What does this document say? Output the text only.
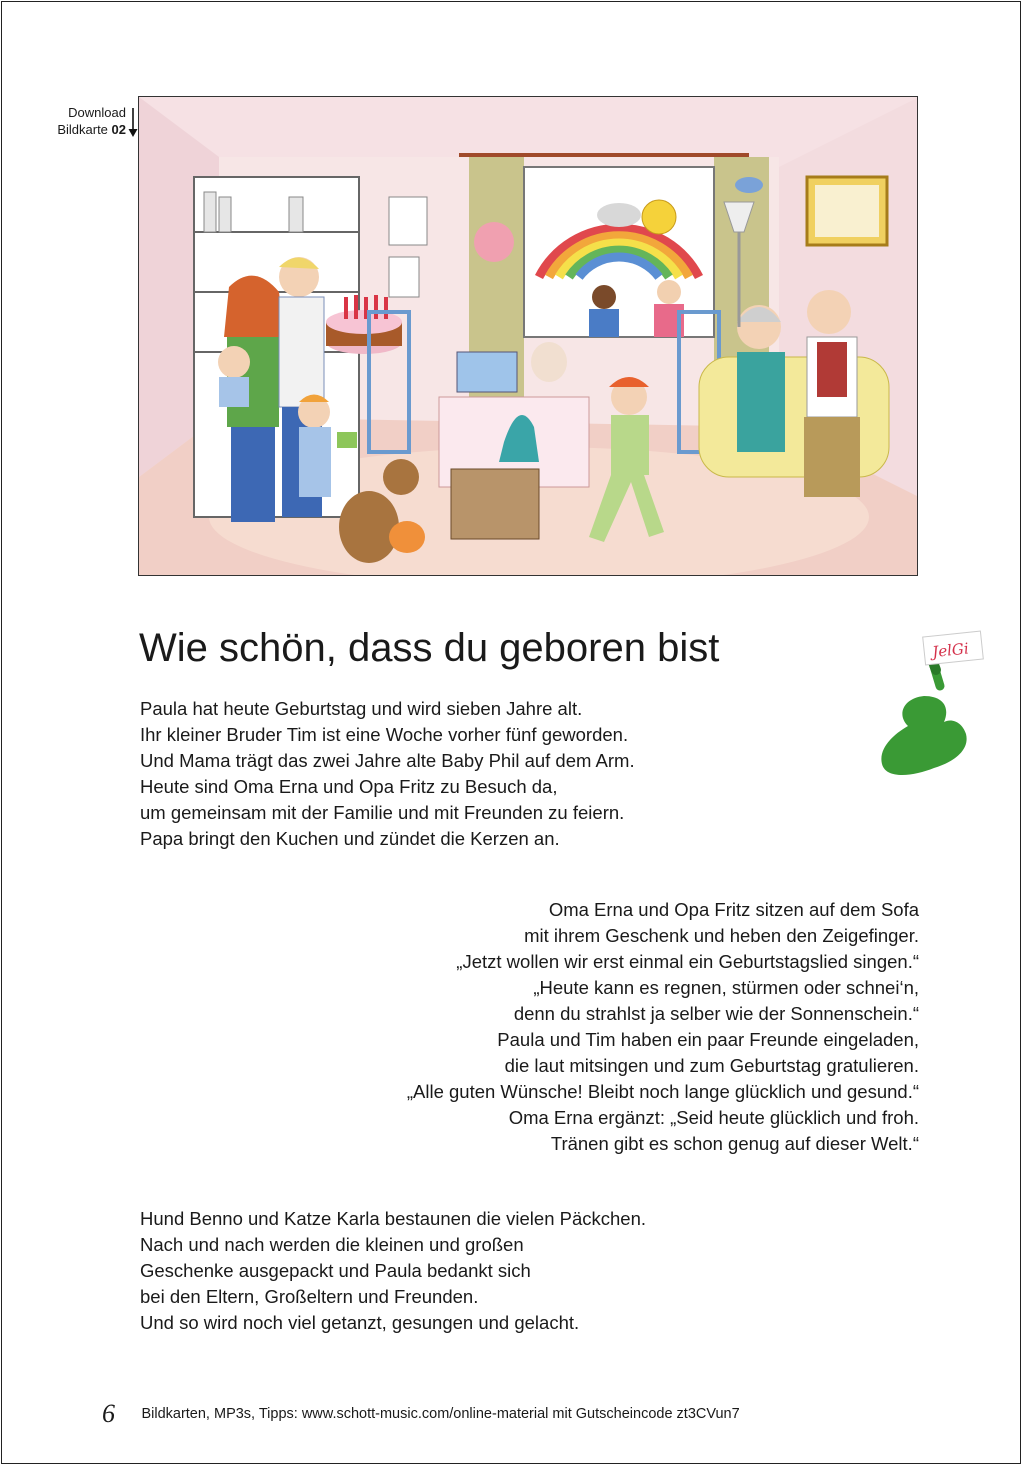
Download
Bildkarte 02
Wie schön, dass du geboren bist	JelGi
Paula hat heute Geburtstag und wird sieben Jahre alt.
Ihr kleiner Bruder Tim ist eine Woche vorher fünf geworden.
Und Mama trägt das zwei Jahre alte Baby Phil auf dem Arm.
Heute sind Oma Erna und Opa Fritz zu Besuch da,
um gemeinsam mit der Familie und mit Freunden zu feiern.
Papa bringt den Kuchen und zündet die Kerzen an.
Oma Erna und Opa Fritz sitzen auf dem Sofa
mit ihrem Geschenk und heben den Zeigefinger.
„Jetzt wollen wir erst einmal ein Geburtstagslied singen.“
„Heute kann es regnen, stürmen oder schnei‘n,
denn du strahlst ja selber wie der Sonnenschein.“
Paula und Tim haben ein paar Freunde eingeladen,
die laut mitsingen und zum Geburtstag gratulieren.
„Alle guten Wünsche! Bleibt noch lange glücklich und gesund.“
Oma Erna ergänzt: „Seid heute glücklich und froh.
Tränen gibt es schon genug auf dieser Welt.“
Hund Benno und Katze Karla bestaunen die vielen Päckchen.
Nach und nach werden die kleinen und großen
Geschenke ausgepackt und Paula bedankt sich
bei den Eltern, Großeltern und Freunden.
Und so wird noch viel getanzt, gesungen und gelacht.
6 Bildkarten, MP3s, Tipps: www.schott-music.com/online-material mit Gutscheincode zt3CVun7
